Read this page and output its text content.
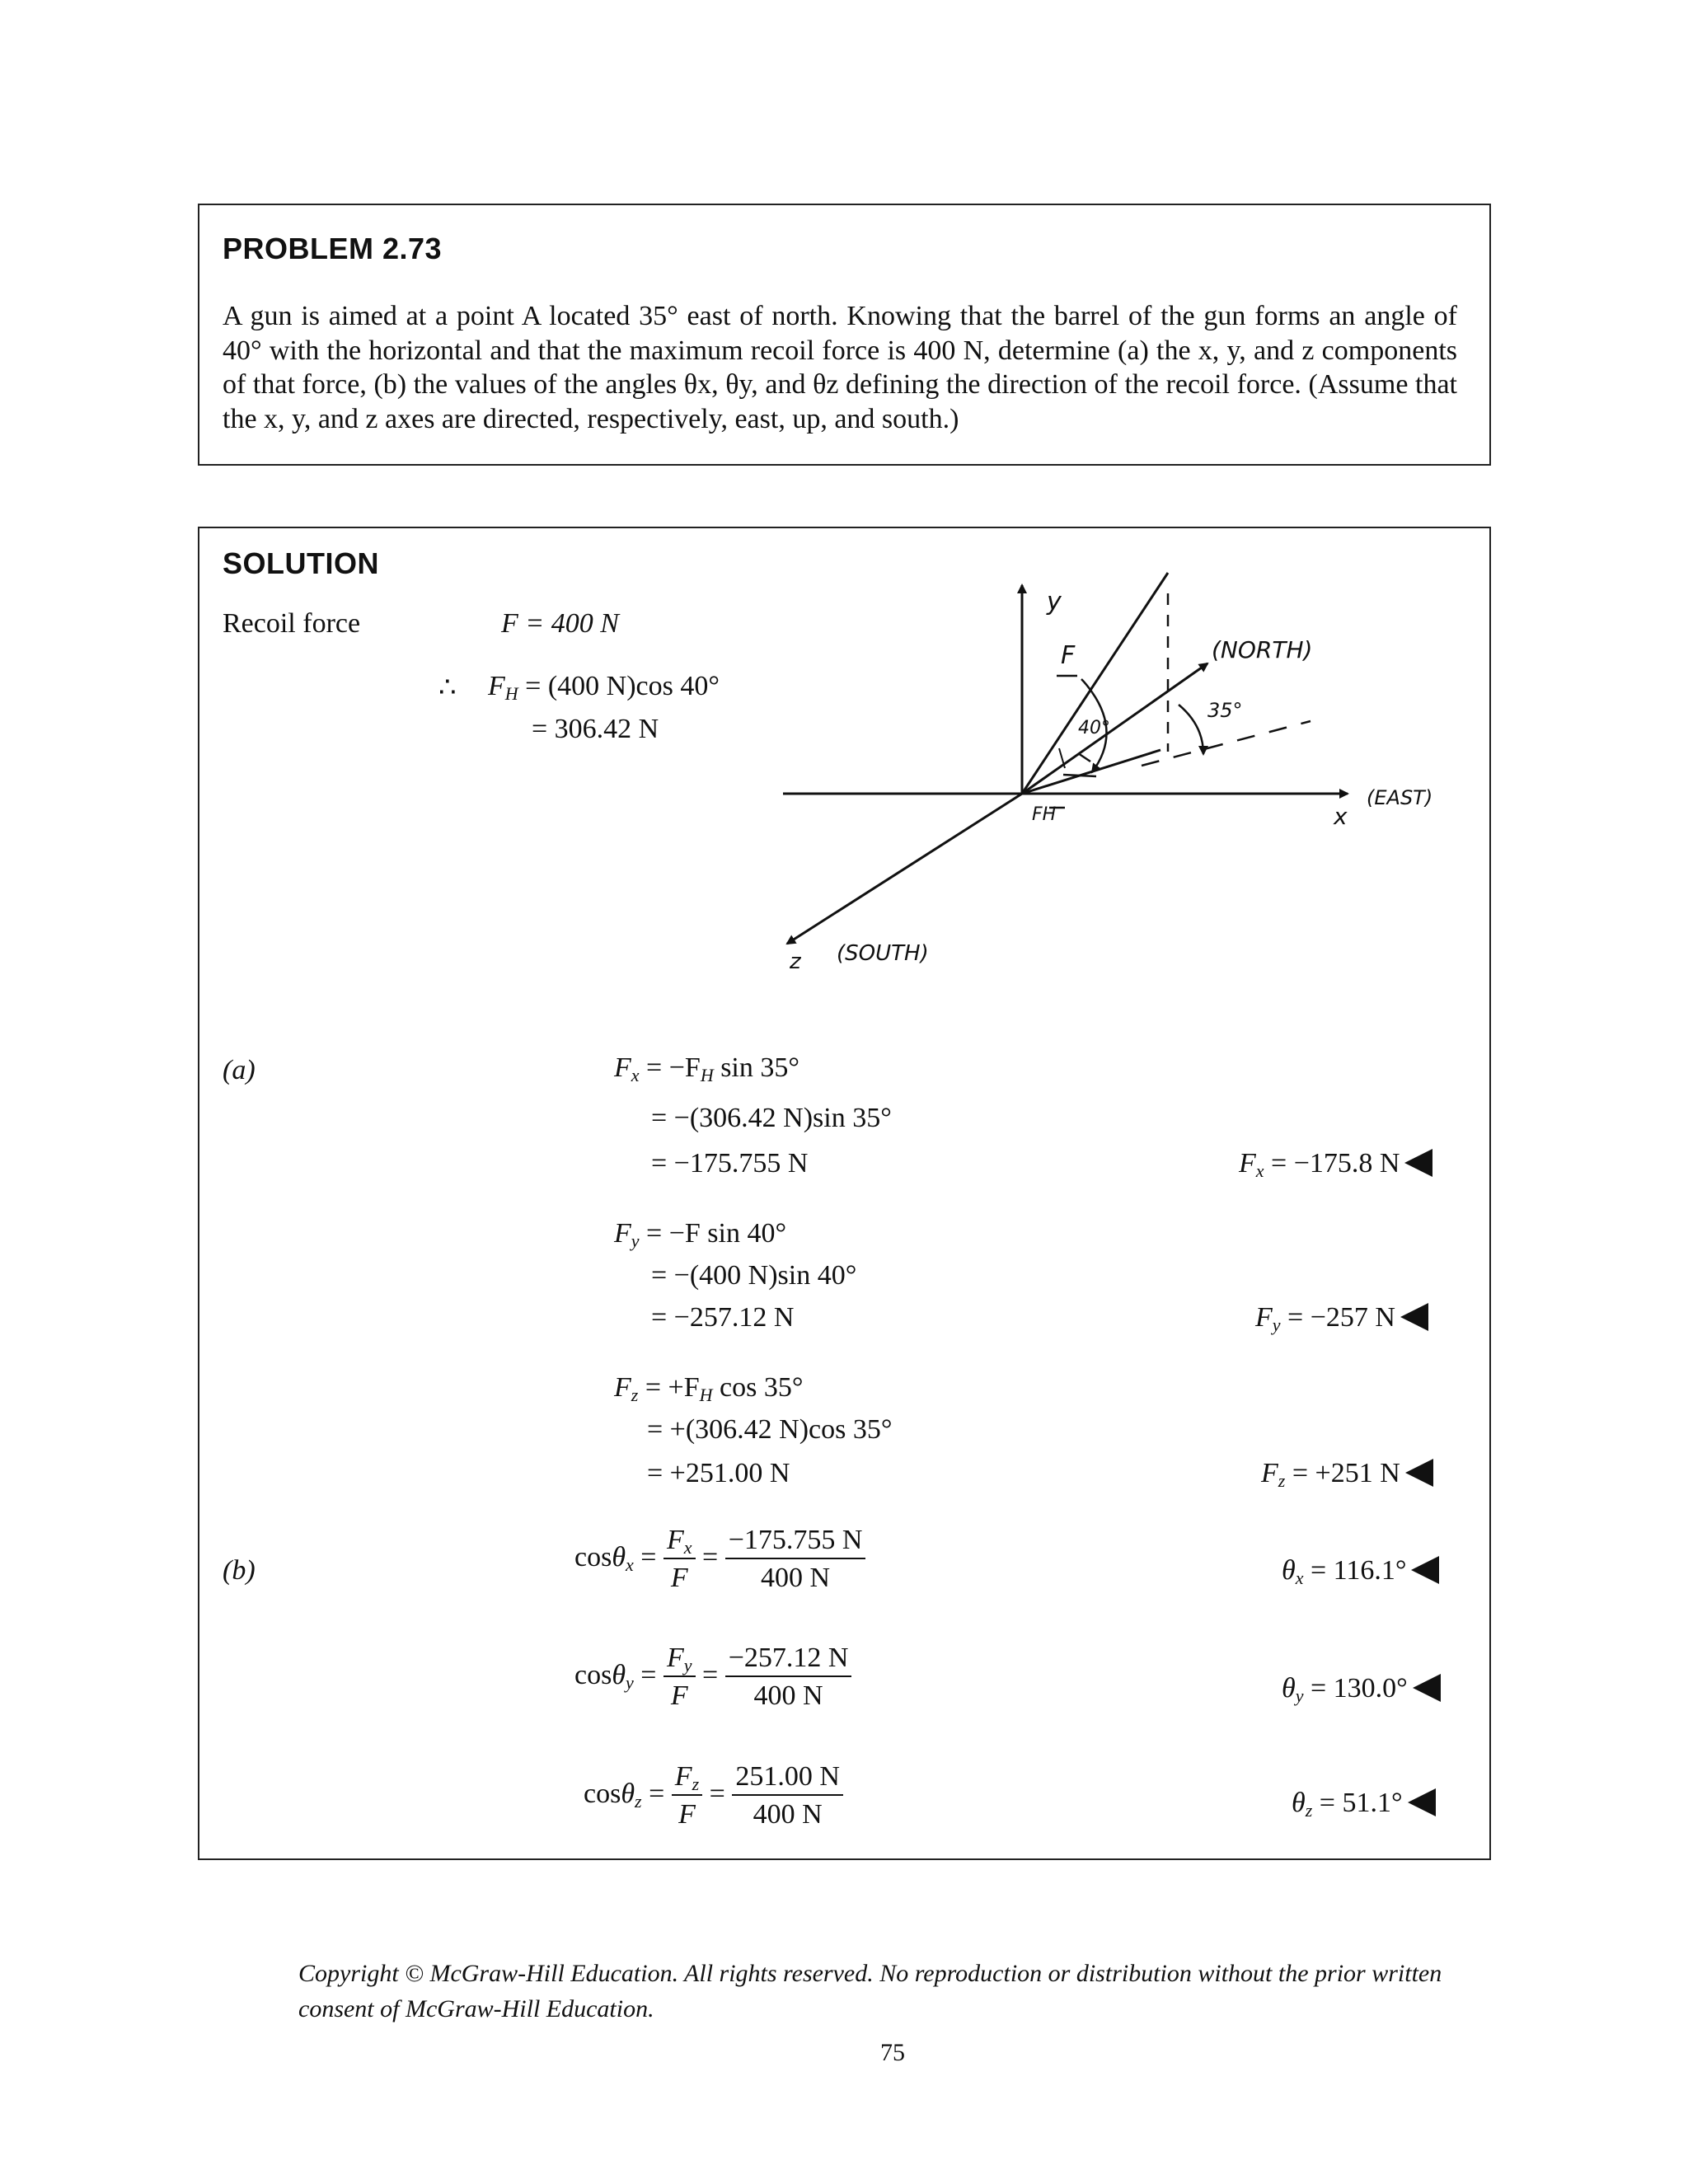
PROBLEM 2.73
A gun is aimed at a point A located 35° east of north. Knowing that the barrel of the gun forms an angle of 40° with the horizontal and that the maximum recoil force is 400 N, determine (a) the x, y, and z components of that force, (b) the values of the angles θx, θy, and θz defining the direction of the recoil force. (Assume that the x, y, and z axes are directed, respectively, east, up, and south.)
SOLUTION
Recoil force	F = 400 N
∴ $F_H = (400$ N)cos 40°
= 306.42 N
y
F	(NORTH)
40°
35°
FH
(EAST)
x
z (SOUTH)
(a)	$F_x = -F_H$ sin 35°
= −(306.42 N)sin 35°
= −175.755 N	$F_x = -175.8$ N
$F_y = -F$ sin 40°
= −(400 N)sin 40°
= −257.12 N	$F_y = -257$ N
$F_z = +F_H$ cos 35°
= +(306.42 N)cos 35°
= +251.00 N	$F_z = +251$ N
(b)	$\cos\theta_x = \frac{F_x}{F} = \frac{-175.755 N}{400 N}$	$\theta_x = 116.1^\circ$
$\cos\theta_y = \frac{F_y}{F} = \frac{-257.12 N}{400 N}$	$\theta_y = 130.0^\circ$
$\cos\theta_z = \frac{F_z}{F} = \frac{251.00 N}{400 N}$	$\theta_z = 51.1^\circ$
Copyright © McGraw-Hill Education. All rights reserved. No reproduction or distribution without the prior written consent of McGraw-Hill Education.
75
